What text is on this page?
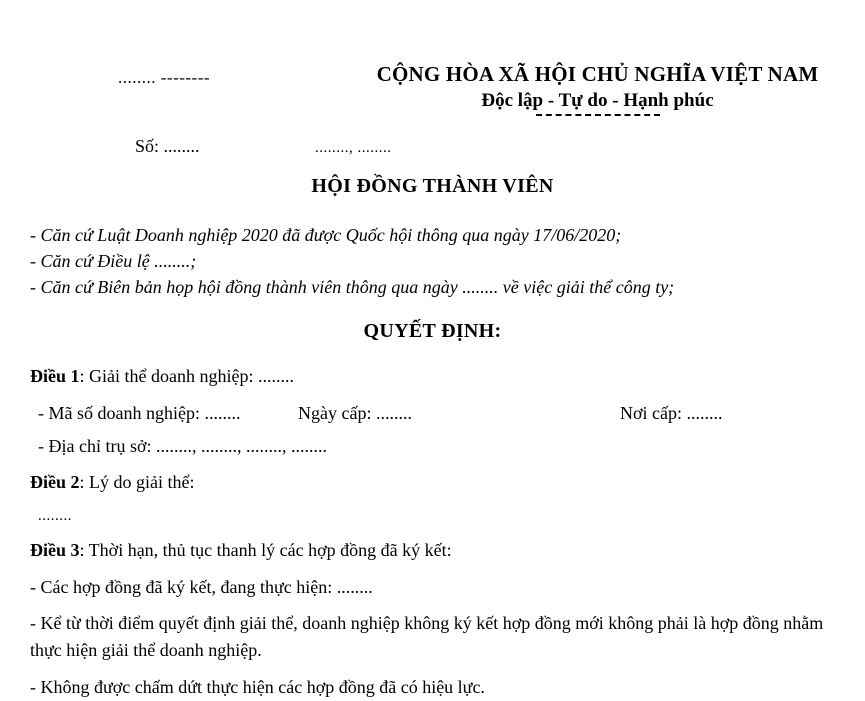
........ --------
Số: ........	........, ........
CỘNG HÒA XÃ HỘI CHỦ NGHĨA VIỆT NAM
Độc lập - Tự do - Hạnh phúc
HỘI ĐỒNG THÀNH VIÊN
- Căn cứ Luật Doanh nghiệp 2020 đã được Quốc hội thông qua ngày 17/06/2020;
- Căn cứ Điều lệ ........;
- Căn cứ Biên bản họp hội đồng thành viên thông qua ngày ........ về việc giải thể công ty;
QUYẾT ĐỊNH:

Điều 1: Giải thể doanh nghiệp: ........

- Mã số doanh nghiệp: ........	Ngày cấp: ........	Nơi cấp: ........

- Địa chỉ trụ sở: ........, ........, ........, ........

Điều 2: Lý do giải thể:

........

Điều 3: Thời hạn, thủ tục thanh lý các hợp đồng đã ký kết:

- Các hợp đồng đã ký kết, đang thực hiện: ........

- Kể từ thời điểm quyết định giải thể, doanh nghiệp không ký kết hợp đồng mới không phải là hợp đồng nhằm thực hiện giải thể doanh nghiệp.

- Không được chấm dứt thực hiện các hợp đồng đã có hiệu lực.
